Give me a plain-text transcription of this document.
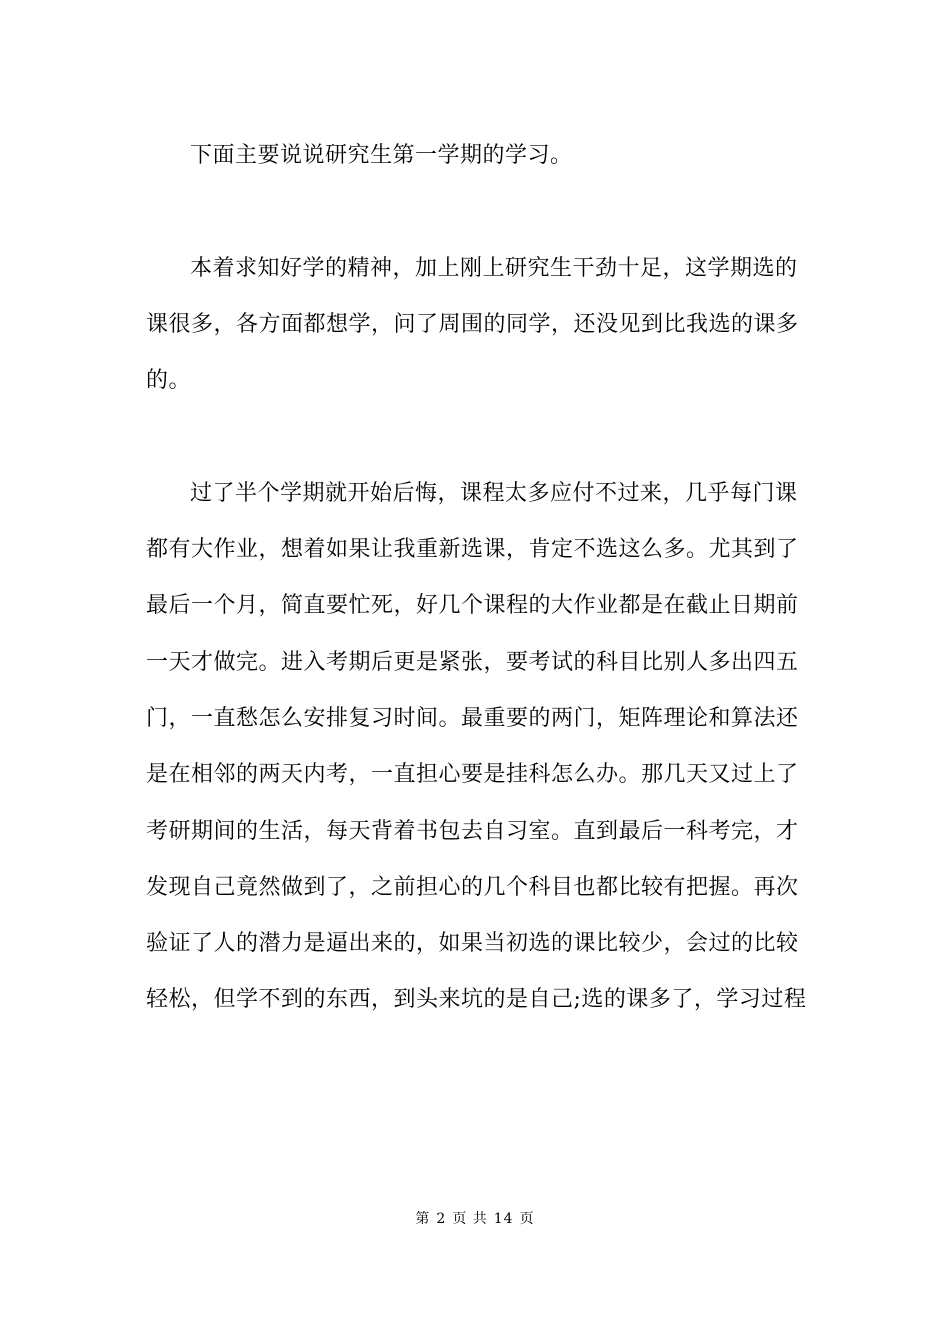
下面主要说说研究生第一学期的学习。
本着求知好学的精神，加上刚上研究生干劲十足，这学期选的
课很多，各方面都想学，问了周围的同学，还没见到比我选的课多
的。
过了半个学期就开始后悔，课程太多应付不过来，几乎每门课
都有大作业，想着如果让我重新选课，肯定不选这么多。尤其到了
最后一个月，简直要忙死，好几个课程的大作业都是在截止日期前
一天才做完。进入考期后更是紧张，要考试的科目比别人多出四五
门，一直愁怎么安排复习时间。最重要的两门，矩阵理论和算法还
是在相邻的两天内考，一直担心要是挂科怎么办。那几天又过上了
考研期间的生活，每天背着书包去自习室。直到最后一科考完，才
发现自己竟然做到了，之前担心的几个科目也都比较有把握。再次
验证了人的潜力是逼出来的，如果当初选的课比较少，会过的比较
轻松，但学不到的东西，到头来坑的是自己;选的课多了，学习过程
第 2 页 共 14 页
